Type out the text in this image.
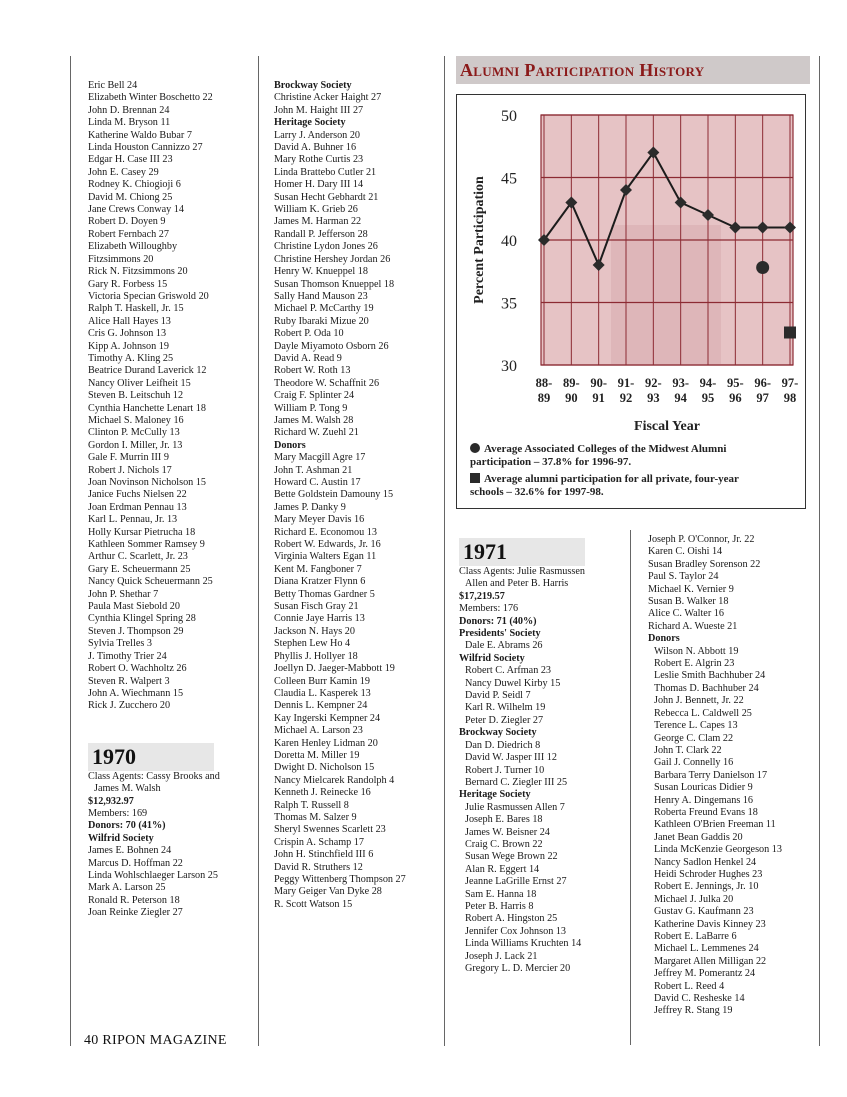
Eric Bell 24
Elizabeth Winter Boschetto 22
John D. Brennan 24
Linda M. Bryson 11
Katherine Waldo Bubar 7
Linda Houston Cannizzo 27
Edgar H. Case III 23
John E. Casey 29
Rodney K. Chiogioji 6
David M. Chiong 25
Jane Crews Conway 14
Robert D. Doyen 9
Robert Fernbach 27
Elizabeth Willoughby
Fitzsimmons 20
Rick N. Fitzsimmons 20
Gary R. Forbess 15
Victoria Specian Griswold 20
Ralph T. Haskell, Jr. 15
Alice Hall Hayes 13
Cris G. Johnson 13
Kipp A. Johnson 19
Timothy A. Kling 25
Beatrice Durand Laverick 12
Nancy Oliver Leifheit 15
Steven B. Leitschuh 12
Cynthia Hanchette Lenart 18
Michael S. Maloney 16
Clinton P. McCully 13
Gordon I. Miller, Jr. 13
Gale F. Murrin III 9
Robert J. Nichols 17
Joan Novinson Nicholson 15
Janice Fuchs Nielsen 22
Joan Erdman Pennau 13
Karl L. Pennau, Jr. 13
Holly Kursar Pietrucha 18
Kathleen Sommer Ramsey 9
Arthur C. Scarlett, Jr. 23
Gary E. Scheuermann 25
Nancy Quick Scheuermann 25
John P. Shethar 7
Paula Mast Siebold 20
Cynthia Klingel Spring 28
Steven J. Thompson 29
Sylvia Trelles 3
J. Timothy Trier 24
Robert O. Wachholtz 26
Steven R. Walpert 3
John A. Wiechmann 15
Rick J. Zucchero 20
1970
Class Agents: Cassy Brooks and
James M. Walsh
$12,932.97
Members: 169
Donors: 70 (41%)
Wilfrid Society
James E. Bohnen 24
Marcus D. Hoffman 22
Linda Wohlschlaeger Larson 25
Mark A. Larson 25
Ronald R. Peterson 18
Joan Reinke Ziegler 27
Brockway Society
Christine Acker Haight 27
John M. Haight III 27
Heritage Society
Larry J. Anderson 20
David A. Buhner 16
Mary Rothe Curtis 23
Linda Brattebo Cutler 21
Homer H. Dary III 14
Susan Hecht Gebhardt 21
William K. Grieb 26
James M. Harman 22
Randall P. Jefferson 28
Christine Lydon Jones 26
Christine Hershey Jordan 26
Henry W. Knueppel 18
Susan Thomson Knueppel 18
Sally Hand Mauson 23
Michael P. McCarthy 19
Ruby Ibaraki Mizue 20
Robert P. Oda 10
Dayle Miyamoto Osborn 26
David A. Read 9
Robert W. Roth 13
Theodore W. Schaffnit 26
Craig F. Splinter 24
William P. Tong 9
James M. Walsh 28
Richard W. Zuehl 21
Donors
Mary Macgill Agre 17
John T. Ashman 21
Howard C. Austin 17
Bette Goldstein Damouny 15
James P. Danky 9
Mary Meyer Davis 16
Richard E. Economou 13
Robert W. Edwards, Jr. 16
Virginia Walters Egan 11
Kent M. Fangboner 7
Diana Kratzer Flynn 6
Betty Thomas Gardner 5
Susan Fisch Gray 21
Connie Jaye Harris 13
Jackson N. Hays 20
Stephen Lew Ho 4
Phyllis J. Hollyer 18
Joellyn D. Jaeger-Mabbott 19
Colleen Burr Kamin 19
Claudia L. Kasperek 13
Dennis L. Kempner 24
Kay Ingerski Kempner 24
Michael A. Larson 23
Karen Henley Lidman 20
Doretta M. Miller 19
Dwight D. Nicholson 15
Nancy Mielcarek Randolph 4
Kenneth J. Reinecke 16
Ralph T. Russell 8
Thomas M. Salzer 9
Sheryl Swennes Scarlett 23
Crispin A. Schamp 17
John H. Stinchfield III 6
David R. Struthers 12
Peggy Wittenberg Thompson 27
Mary Geiger Van Dyke 28
R. Scott Watson 15
Alumni Participation History
30
35
40
45
50
88-
89
89-
90
90-
91
91-
92
92-
93
93-
94
94-
95
95-
96
96-
97
97-
98
Percent Participation
Fiscal Year
Average Associated Colleges of the Midwest Alumni
participation – 37.8% for 1996-97.
Average alumni participation for all private, four-year
schools – 32.6% for 1997-98.
1971
Class Agents: Julie Rasmussen
Allen and Peter B. Harris
$17,219.57
Members: 176
Donors: 71 (40%)
Presidents' Society
Dale E. Abrams 26
Wilfrid Society
Robert C. Arfman 23
Nancy Duwel Kirby 15
David P. Seidl 7
Karl R. Wilhelm 19
Peter D. Ziegler 27
Brockway Society
Dan D. Diedrich 8
David W. Jasper III 12
Robert J. Turner 10
Bernard C. Ziegler III 25
Heritage Society
Julie Rasmussen Allen 7
Joseph E. Bares 18
James W. Beisner 24
Craig C. Brown 22
Susan Wege Brown 22
Alan R. Eggert 14
Jeanne LaGrille Ernst 27
Sam E. Hanna 18
Peter B. Harris 8
Robert A. Hingston 25
Jennifer Cox Johnson 13
Linda Williams Kruchten 14
Joseph J. Lack 21
Gregory L. D. Mercier 20
Joseph P. O'Connor, Jr. 22
Karen C. Oishi 14
Susan Bradley Sorenson 22
Paul S. Taylor 24
Michael K. Vernier 9
Susan B. Walker 18
Alice C. Walter 16
Richard A. Wueste 21
Donors
Wilson N. Abbott 19
Robert E. Algrin 23
Leslie Smith Bachhuber 24
Thomas D. Bachhuber 24
John J. Bennett, Jr. 22
Rebecca L. Caldwell 25
Terence L. Capes 13
George C. Clam 22
John T. Clark 22
Gail J. Connelly 16
Barbara Terry Danielson 17
Susan Louricas Didier 9
Henry A. Dingemans 16
Roberta Freund Evans 18
Kathleen O'Brien Freeman 11
Janet Bean Gaddis 20
Linda McKenzie Georgeson 13
Nancy Sadlon Henkel 24
Heidi Schroder Hughes 23
Robert E. Jennings, Jr. 10
Michael J. Julka 20
Gustav G. Kaufmann 23
Katherine Davis Kinney 23
Robert E. LaBarre 6
Michael L. Lemmenes 24
Margaret Allen Milligan 22
Jeffrey M. Pomerantz 24
Robert L. Reed 4
David C. Resheske 14
Jeffrey R. Stang 19
40 RIPON MAGAZINE
